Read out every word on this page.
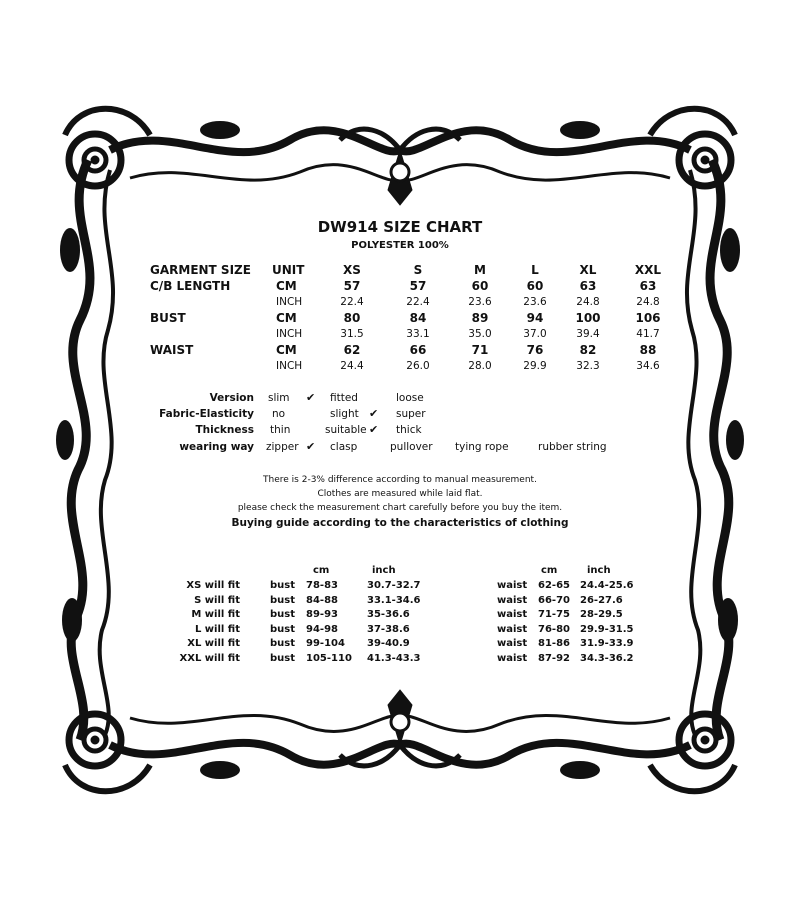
DW914 SIZE CHART
POLYESTER 100%
GARMENT SIZE UNIT	XS	S	M	L	XL	XXL
C/B LENGTH	CM	57	57	60	60	63	63
INCH	22.4	22.4	23.6	23.6	24.8	24.8
BUST	CM	80	84	89	94	100	106
INCH	31.5	33.1	35.0	37.0	39.4	41.7
WAIST	CM	62	66	71	76	82	88
INCH	24.4	26.0	28.0	29.9	32.3	34.6
Version slim ✔ fitted	loose
Fabric-Elasticity no	slight ✔ super
Thickness thin	suitable ✔ thick
wearing way zipper ✔ clasp	pullover tying rope	rubber string
There is 2-3% difference according to manual measurement.
Clothes are measured while laid flat.
please check the measurement chart carefully before you buy the item.
Buying guide according to the characteristics of clothing
cm	inch	cm	inch
XS will fit	bust 78-83	30.7-32.7
S will fit	bust 84-88	33.1-34.6
M will fit	bust 89-93	35-36.6
L will fit	bust 94-98	37-38.6
XL will fit	bust 99-104 39-40.9
XXL will fit	bust 105-110 41.3-43.3
waist 62-65 24.4-25.6
waist 66-70 26-27.6
waist 71-75 28-29.5
waist 76-80 29.9-31.5
waist 81-86 31.9-33.9
waist 87-92 34.3-36.2
